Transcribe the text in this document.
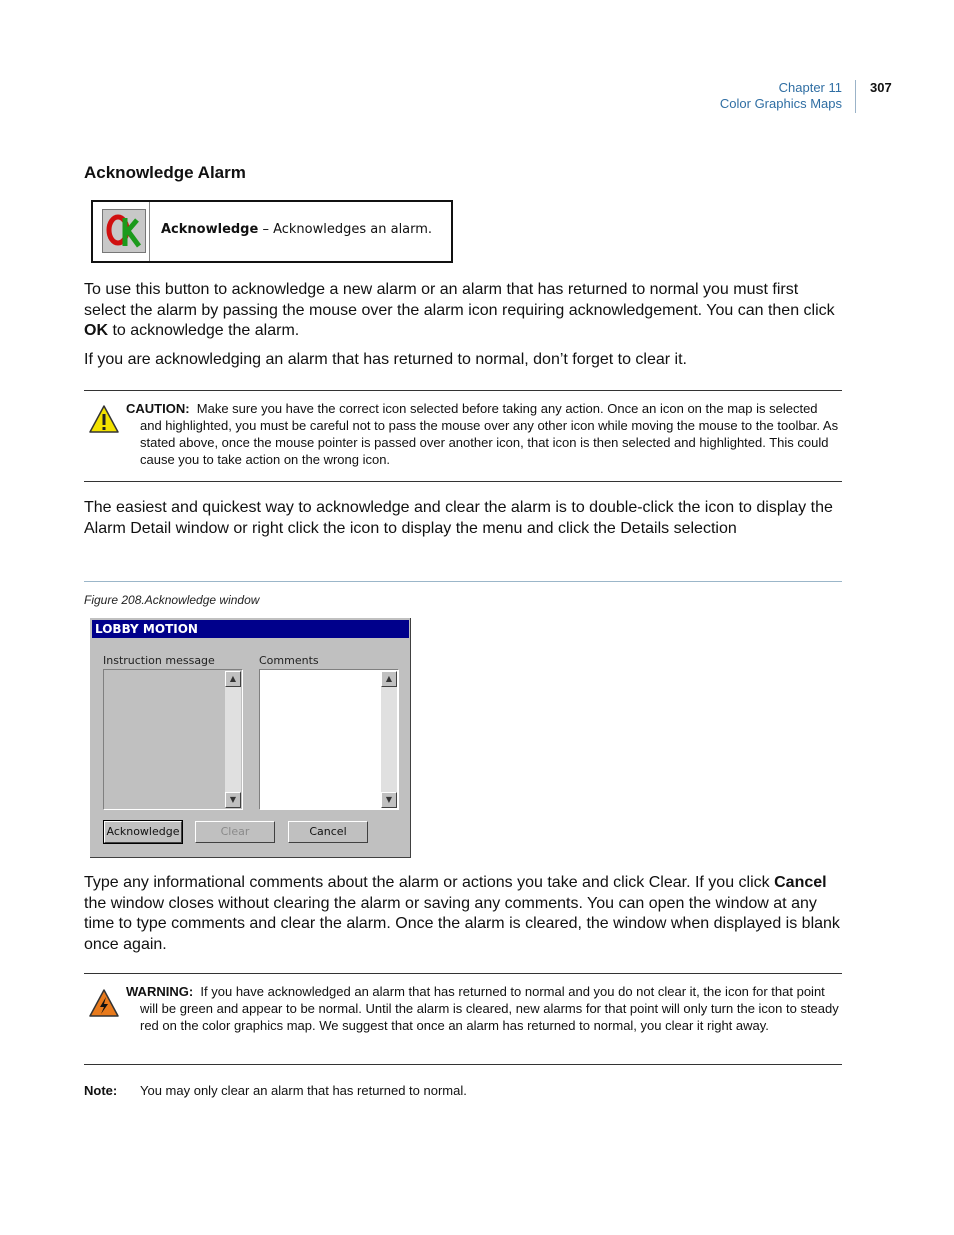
Chapter 11
Color Graphics Maps
307
Acknowledge Alarm
Acknowledge – Acknowledges an alarm.

To use this button to acknowledge a new alarm or an alarm that has returned to normal you must first select the alarm by passing the mouse over the alarm icon requiring acknowledgement. You can then click OK to acknowledge the alarm.

If you are acknowledging an alarm that has returned to normal, don’t forget to clear it.

CAUTION: Make sure you have the correct icon selected before taking any action. Once an icon on the map is selected and highlighted, you must be careful not to pass the mouse over any other icon while moving the mouse to the toolbar. As stated above, once the mouse pointer is passed over another icon, that icon is then selected and highlighted. This could cause you to take action on the wrong icon.

The easiest and quickest way to acknowledge and clear the alarm is to double-click the icon to display the Alarm Detail window or right click the icon to display the menu and click the Details selection

Figure 208.Acknowledge window
LOBBY MOTION
Instruction message	Comments
▲
▼
▲
▼
Acknowledge	Clear	Cancel

Type any informational comments about the alarm or actions you take and click Clear. If you click Cancel the window closes without clearing the alarm or saving any comments. You can open the window at any time to type comments and clear the alarm. Once the alarm is cleared, the window when displayed is blank once again.

WARNING: If you have acknowledged an alarm that has returned to normal and you do not clear it, the icon for that point will be green and appear to be normal. Until the alarm is cleared, new alarms for that point will only turn the icon to steady red on the color graphics map. We suggest that once an alarm has returned to normal, you clear it right away.
Note: You may only clear an alarm that has returned to normal.
